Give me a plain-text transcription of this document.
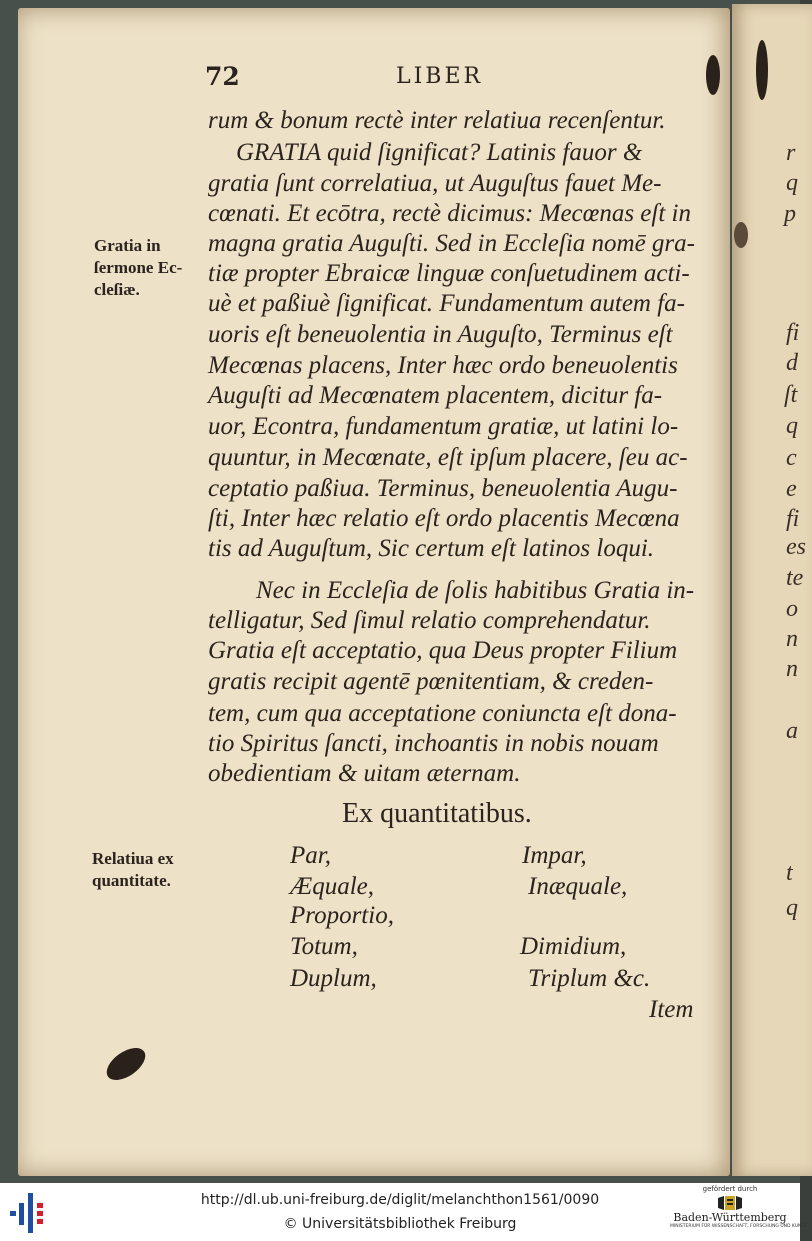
72	LIBER
rum & bonum rectè inter relatiua recenſentur.
GRATIA quid ſignificat? Latinis fauor &
gratia ſunt correlatiua, ut Auguſtus fauet Me-
cœnati. Et ecōtra, rectè dicimus: Mecœnas eſt in
magna gratia Auguſti. Sed in Eccleſia nomē gra-
tiæ propter Ebraicæ linguæ conſuetudinem acti-
uè et paßiuè ſignificat. Fundamentum autem fa-
uoris eſt beneuolentia in Auguſto, Terminus eſt
Mecœnas placens, Inter hæc ordo beneuolentis
Auguſti ad Mecœnatem placentem, dicitur fa-
uor, Econtra, fundamentum gratiæ, ut latini lo-
quuntur, in Mecœnate, eſt ipſum placere, ſeu ac-
ceptatio paßiua. Terminus, beneuolentia Augu-
ſti, Inter hæc relatio eſt ordo placentis Mecœna
tis ad Auguſtum, Sic certum eſt latinos loqui.
Nec in Eccleſia de ſolis habitibus Gratia in-
telligatur, Sed ſimul relatio comprehendatur.
Gratia eſt acceptatio, qua Deus propter Filium
gratis recipit agentē pœnitentiam, & creden-
tem, cum qua acceptatione coniuncta eſt dona-
tio Spiritus ſancti, inchoantis in nobis nouam
obedientiam & uitam æternam.
Gratia in
ſermone Ec-
cleſiæ.
Ex quantitatibus.
Relatiua ex
quantitate.
Par,
Æquale,
Proportio,
Totum,
Duplum,
Impar,
Inæquale,
Dimidium,
Triplum &c.
Item
r
q
p
fi
d
ſt
q
c
e
fi
es
te
o
n
n
a
t
q
http://dl.ub.uni-freiburg.de/diglit/melanchthon1561/0090
© Universitätsbibliothek Freiburg
gefördert durch
Baden-Württemberg
MINISTERIUM FÜR WISSENSCHAFT, FORSCHUNG UND KUNST
